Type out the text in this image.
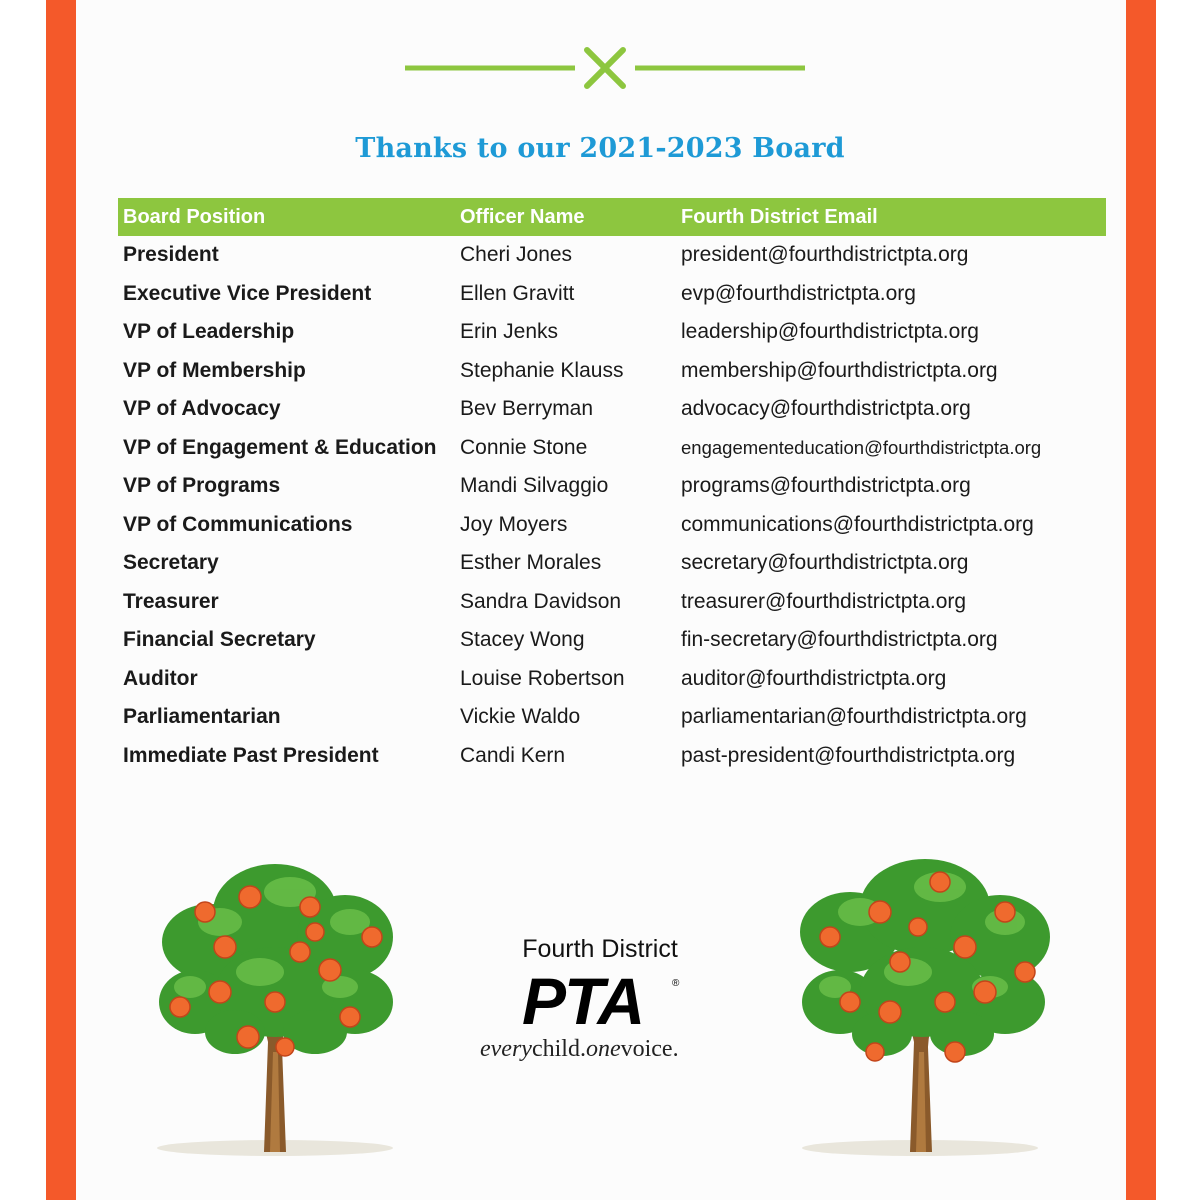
Thanks to our 2021-2023 Board
Board Position	Officer Name	Fourth District Email
President	Cheri Jones	president@fourthdistrictpta.org
Executive Vice President	Ellen Gravitt	evp@fourthdistrictpta.org
VP of Leadership	Erin Jenks	leadership@fourthdistrictpta.org
VP of Membership	Stephanie Klauss	membership@fourthdistrictpta.org
VP of Advocacy	Bev Berryman	advocacy@fourthdistrictpta.org
VP of Engagement & Education	Connie Stone	engagementeducation@fourthdistrictpta.org
VP of Programs	Mandi Silvaggio	programs@fourthdistrictpta.org
VP of Communications	Joy Moyers	communications@fourthdistrictpta.org
Secretary	Esther Morales	secretary@fourthdistrictpta.org
Treasurer	Sandra Davidson	treasurer@fourthdistrictpta.org
Financial Secretary	Stacey Wong	fin-secretary@fourthdistrictpta.org
Auditor	Louise Robertson	auditor@fourthdistrictpta.org
Parliamentarian	Vickie Waldo	parliamentarian@fourthdistrictpta.org
Immediate Past President	Candi Kern	past-president@fourthdistrictpta.org
Fourth District
PTA	®
everychild.onevoice.
